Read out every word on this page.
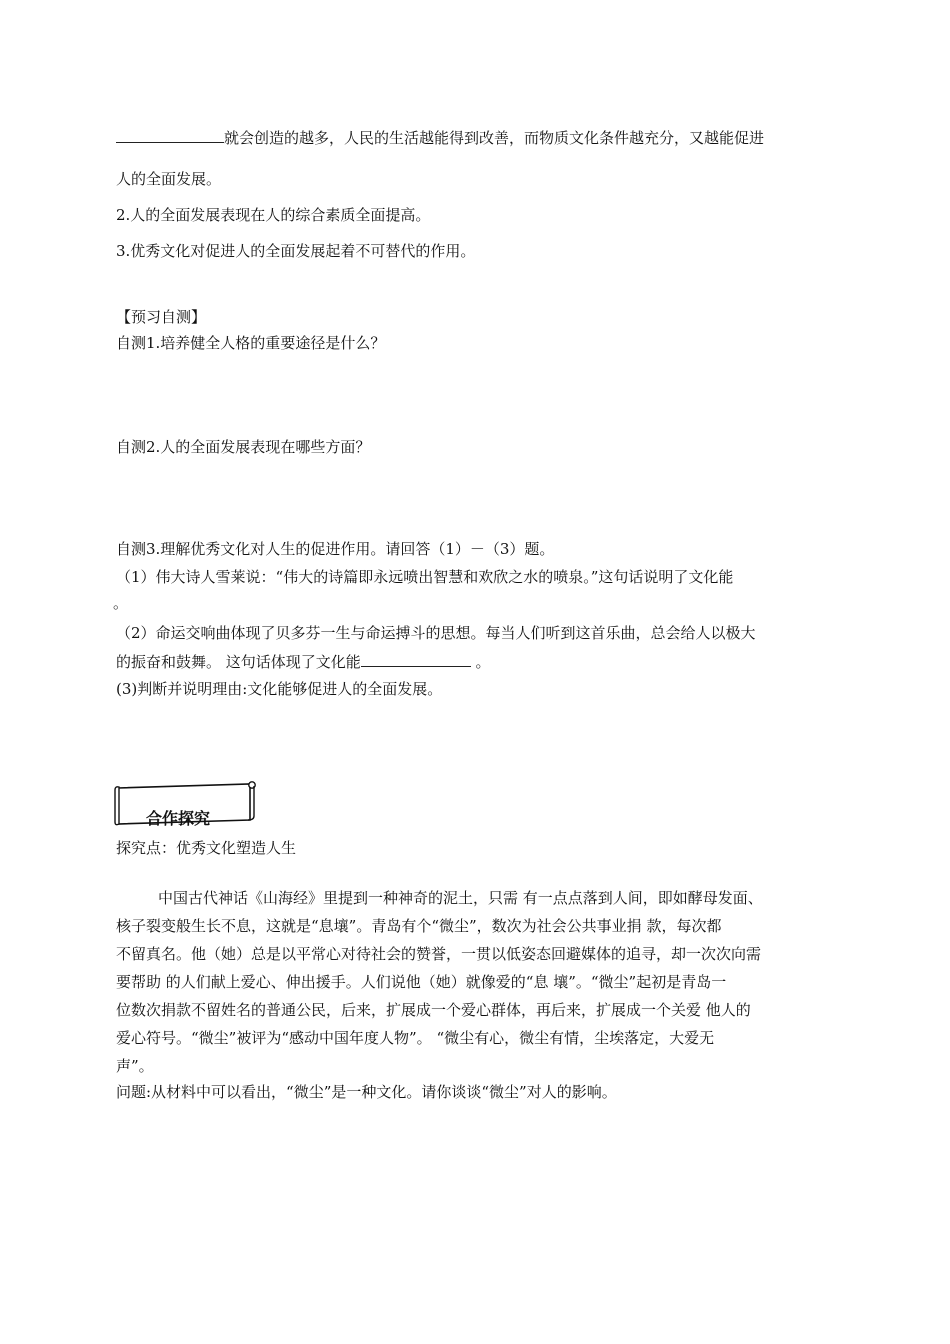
就会创造的越多，人民的生活越能得到改善，而物质文化条件越充分，又越能促进
人的全面发展。
2.人的全面发展表现在人的综合素质全面提高。
3.优秀文化对促进人的全面发展起着不可替代的作用。
【预习自测】
自测1.培养健全人格的重要途径是什么？
自测2.人的全面发展表现在哪些方面？
自测3.理解优秀文化对人生的促进作用。请回答（1）－（3）题。
（1）伟大诗人雪莱说：“伟大的诗篇即永远喷出智慧和欢欣之水的喷泉。”这句话说明了文化能
。
（2）命运交响曲体现了贝多芬一生与命运搏斗的思想。每当人们听到这首乐曲，总会给人以极大
的振奋和鼓舞。 这句话体现了文化能	。
(3)判断并说明理由:文化能够促进人的全面发展。
合作探究
探究点：优秀文化塑造人生
中国古代神话《山海经》里提到一种神奇的泥土，只需 有一点点落到人间，即如酵母发面、
核子裂变般生长不息，这就是“息壤”。青岛有个“微尘”，数次为社会公共事业捐 款，每次都
不留真名。他（她）总是以平常心对待社会的赞誉，一贯以低姿态回避媒体的追寻，却一次次向需
要帮助 的人们献上爱心、伸出援手。人们说他（她）就像爱的“息 壤”。“微尘”起初是青岛一
位数次捐款不留姓名的普通公民，后来，扩展成一个爱心群体，再后来，扩展成一个关爱 他人的
爱心符号。“微尘”被评为“感动中国年度人物”。 “微尘有心，微尘有情，尘埃落定，大爱无
声”。
问题:从材料中可以看出，“微尘”是一种文化。请你谈谈“微尘”对人的影响。
